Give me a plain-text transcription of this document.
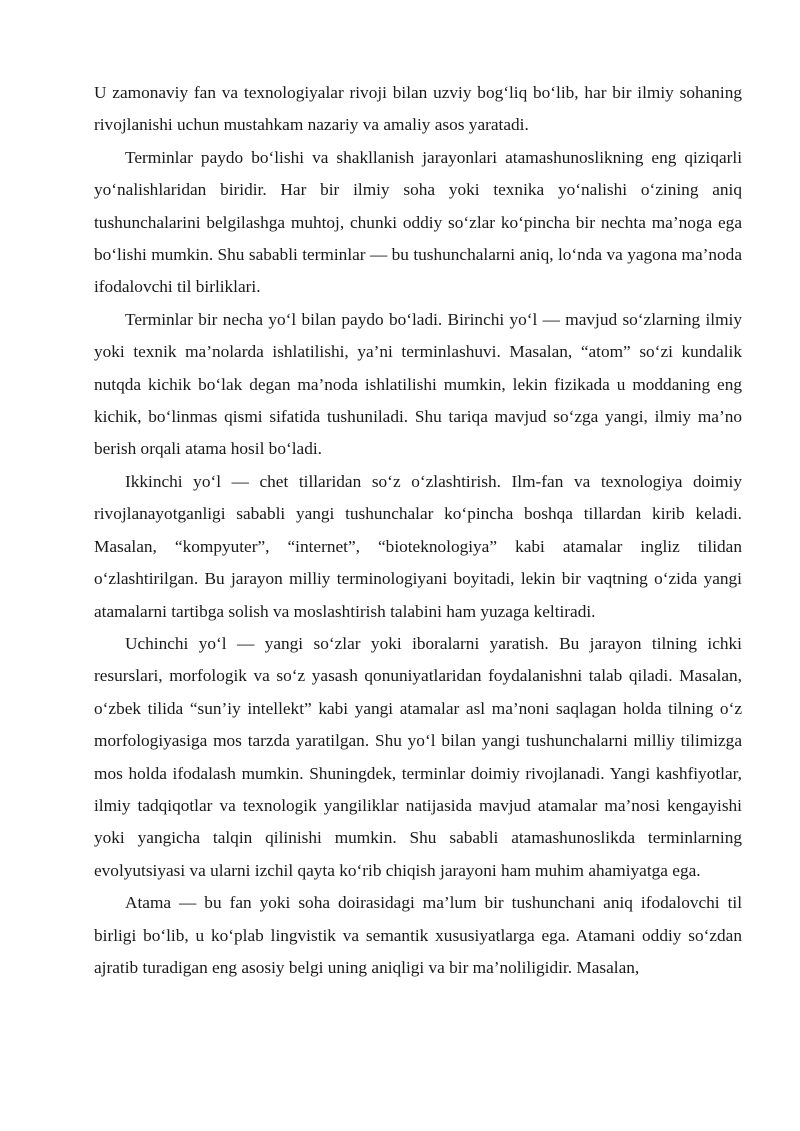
U zamonaviy fan va texnologiyalar rivoji bilan uzviy bog‘liq bo‘lib, har bir ilmiy sohaning rivojlanishi uchun mustahkam nazariy va amaliy asos yaratadi.

Terminlar paydo bo‘lishi va shakllanish jarayonlari atamashunoslikning eng qiziqarli yo‘nalishlaridan biridir. Har bir ilmiy soha yoki texnika yo‘nalishi o‘zining aniq tushunchalarini belgilashga muhtoj, chunki oddiy so‘zlar ko‘pincha bir nechta ma’noga ega bo‘lishi mumkin. Shu sababli terminlar — bu tushunchalarni aniq, lo‘nda va yagona ma’noda ifodalovchi til birliklari.

Terminlar bir necha yo‘l bilan paydo bo‘ladi. Birinchi yo‘l — mavjud so‘zlarning ilmiy yoki texnik ma’nolarda ishlatilishi, ya’ni terminlashuvi. Masalan, “atom” so‘zi kundalik nutqda kichik bo‘lak degan ma’noda ishlatilishi mumkin, lekin fizikada u moddaning eng kichik, bo‘linmas qismi sifatida tushuniladi. Shu tariqa mavjud so‘zga yangi, ilmiy ma’no berish orqali atama hosil bo‘ladi.

Ikkinchi yo‘l — chet tillaridan so‘z o‘zlashtirish. Ilm-fan va texnologiya doimiy rivojlanayotganligi sababli yangi tushunchalar ko‘pincha boshqa tillardan kirib keladi. Masalan, “kompyuter”, “internet”, “bioteknologiya” kabi atamalar ingliz tilidan o‘zlashtirilgan. Bu jarayon milliy terminologiyani boyitadi, lekin bir vaqtning o‘zida yangi atamalarni tartibga solish va moslashtirish talabini ham yuzaga keltiradi.

Uchinchi yo‘l — yangi so‘zlar yoki iboralarni yaratish. Bu jarayon tilning ichki resurslari, morfologik va so‘z yasash qonuniyatlaridan foydalanishni talab qiladi. Masalan, o‘zbek tilida “sun’iy intellekt” kabi yangi atamalar asl ma’noni saqlagan holda tilning o‘z morfologiyasiga mos tarzda yaratilgan. Shu yo‘l bilan yangi tushunchalarni milliy tilimizga mos holda ifodalash mumkin. Shuningdek, terminlar doimiy rivojlanadi. Yangi kashfiyotlar, ilmiy tadqiqotlar va texnologik yangiliklar natijasida mavjud atamalar ma’nosi kengayishi yoki yangicha talqin qilinishi mumkin. Shu sababli atamashunoslikda terminlarning evolyutsiyasi va ularni izchil qayta ko‘rib chiqish jarayoni ham muhim ahamiyatga ega.

Atama — bu fan yoki soha doirasidagi ma’lum bir tushunchani aniq ifodalovchi til birligi bo‘lib, u ko‘plab lingvistik va semantik xususiyatlarga ega. Atamani oddiy so‘zdan ajratib turadigan eng asosiy belgi uning aniqligi va bir ma’noliligidir. Masalan,
